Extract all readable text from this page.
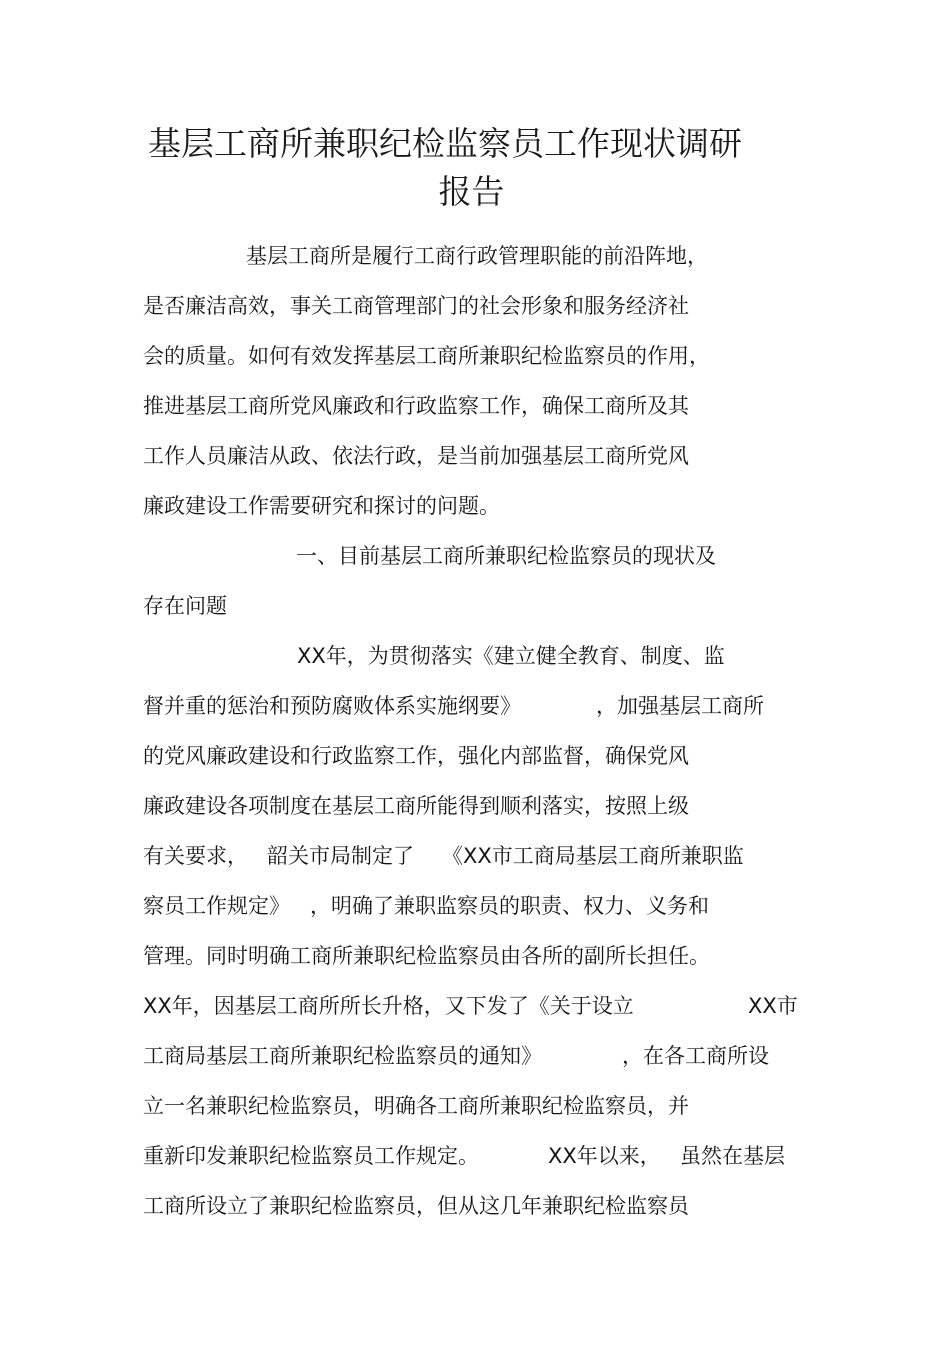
基层工商所兼职纪检监察员工作现状调研
报告
基层工商所是履行工商行政管理职能的前沿阵地，
是否廉洁高效，事关工商管理部门的社会形象和服务经济社
会的质量。如何有效发挥基层工商所兼职纪检监察员的作用，
推进基层工商所党风廉政和行政监察工作，确保工商所及其
工作人员廉洁从政、依法行政，是当前加强基层工商所党风
廉政建设工作需要研究和探讨的问题。
一、目前基层工商所兼职纪检监察员的现状及
存在问题
XX年，为贯彻落实《建立健全教育、制度、监
督并重的惩治和预防腐败体系实施纲要》	，加强基层工商所
的党风廉政建设和行政监察工作，强化内部监督，确保党风
廉政建设各项制度在基层工商所能得到顺利落实，按照上级
有关要求， 韶关市局制定了 《XX市工商局基层工商所兼职监
察员工作规定》 ，明确了兼职监察员的职责、权力、义务和
管理。同时明确工商所兼职纪检监察员由各所的副所长担任。
XX年，因基层工商所所长升格，又下发了《关于设立	XX市
工商局基层工商所兼职纪检监察员的通知》	，在各工商所设
立一名兼职纪检监察员，明确各工商所兼职纪检监察员，并
重新印发兼职纪检监察员工作规定。	XX年以来， 虽然在基层
工商所设立了兼职纪检监察员，但从这几年兼职纪检监察员
